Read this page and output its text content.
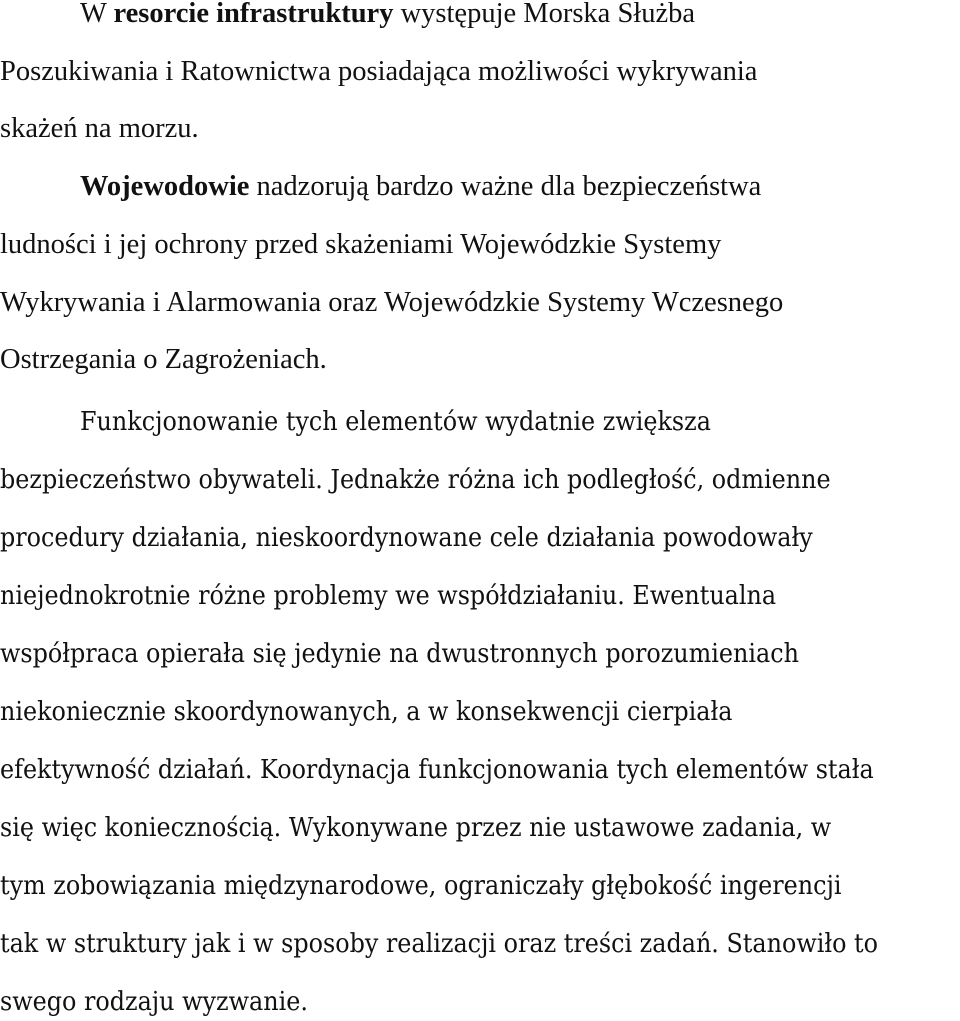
W resorcie infrastruktury występuje Morska Służba
Poszukiwania i Ratownictwa posiadająca możliwości wykrywania
skażeń na morzu.
Wojewodowie nadzorują bardzo ważne dla bezpieczeństwa
ludności i jej ochrony przed skażeniami Wojewódzkie Systemy
Wykrywania i Alarmowania oraz Wojewódzkie Systemy Wczesnego
Ostrzegania o Zagrożeniach.
Funkcjonowanie tych elementów wydatnie zwiększa
bezpieczeństwo obywateli. Jednakże różna ich podległość, odmienne
procedury działania, nieskoordynowane cele działania powodowały
niejednokrotnie różne problemy we współdziałaniu. Ewentualna
współpraca opierała się jedynie na dwustronnych porozumieniach
niekoniecznie skoordynowanych, a w konsekwencji cierpiała
efektywność działań. Koordynacja funkcjonowania tych elementów stała
się więc koniecznością. Wykonywane przez nie ustawowe zadania, w
tym zobowiązania międzynarodowe, ograniczały głębokość ingerencji
tak w struktury jak i w sposoby realizacji oraz treści zadań. Stanowiło to
swego rodzaju wyzwanie.
